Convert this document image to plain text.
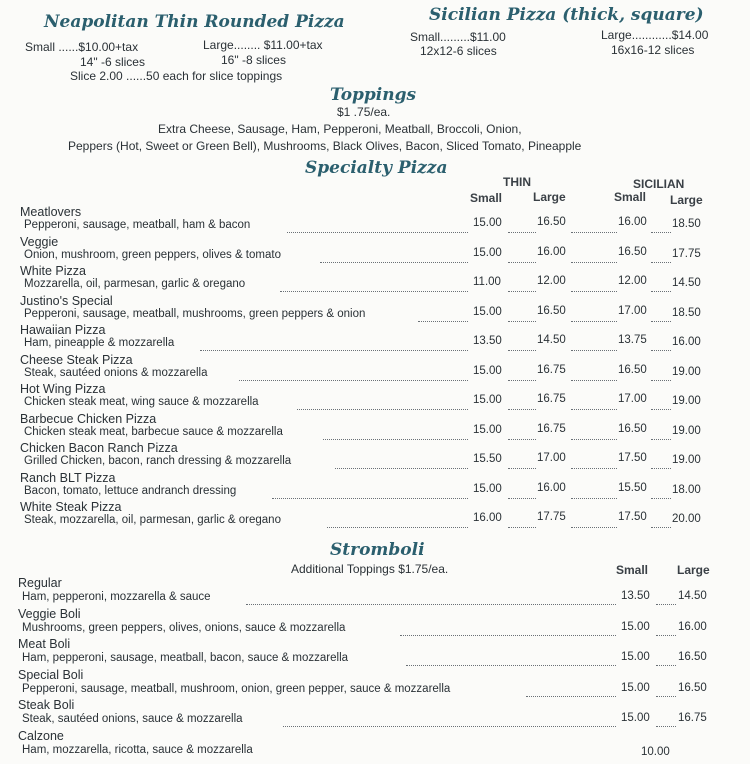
Neapolitan Thin Rounded Pizza
Small ......$10.00+tax	Large........ $11.00+tax
14" -6 slices	16" -8 slices
Slice 2.00 ......50 each for slice toppings
Sicilian Pizza (thick, square)
Small.........$11.00	Large............$14.00
12x12-6 slices	16x16-12 slices
Toppings
$1 .75/ea.
Extra Cheese, Sausage, Ham, Pepperoni, Meatball, Broccoli, Onion,
Peppers (Hot, Sweet or Green Bell), Mushrooms, Black Olives, Bacon, Sliced Tomato, Pineapple
Specialty Pizza
THIN	SICILIAN
Small	Large	Small Large
Meatlovers
Pepperoni, sausage, meatball, ham & bacon	15.00	16.50	16.00 18.50
Veggie
Onion, mushroom, green peppers, olives & tomato	15.00	16.00	16.50 17.75
White Pizza
Mozzarella, oil, parmesan, garlic & oregano	11.00	12.00	12.00 14.50
Justino's Special
Pepperoni, sausage, meatball, mushrooms, green peppers & onion	15.00	16.50	17.00 18.50
Hawaiian Pizza
Ham, pineapple & mozzarella	13.50	14.50	13.75 16.00
Cheese Steak Pizza
Steak, sautéed onions & mozzarella	15.00	16.75	16.50 19.00
Hot Wing Pizza
Chicken steak meat, wing sauce & mozzarella	15.00	16.75	17.00 19.00
Barbecue Chicken Pizza
Chicken steak meat, barbecue sauce & mozzarella	15.00	16.75	16.50 19.00
Chicken Bacon Ranch Pizza
Grilled Chicken, bacon, ranch dressing & mozzarella	15.50	17.00	17.50 19.00
Ranch BLT Pizza
Bacon, tomato, lettuce andranch dressing	15.00	16.00	15.50 18.00
White Steak Pizza
Steak, mozzarella, oil, parmesan, garlic & oregano	16.00	17.75	17.50 20.00
Stromboli
Additional Toppings $1.75/ea.	Small Large
Regular
Ham, pepperoni, mozzarella & sauce	13.50 14.50
Veggie Boli
Mushrooms, green peppers, olives, onions, sauce & mozzarella	15.00 16.00
Meat Boli
Ham, pepperoni, sausage, meatball, bacon, sauce & mozzarella	15.00 16.50
Special Boli
Pepperoni, sausage, meatball, mushroom, onion, green pepper, sauce & mozzarella	15.00 16.50
Steak Boli
Steak, sautéed onions, sauce & mozzarella	15.00 16.75
Calzone
Ham, mozzarella, ricotta, sauce & mozzarella	10.00
